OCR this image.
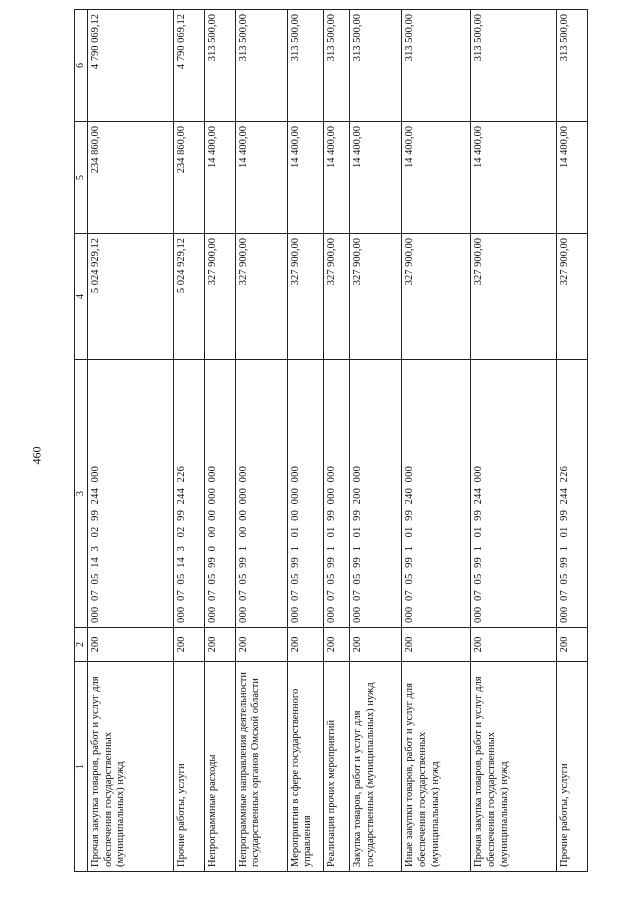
460
1	2	3	4	5	6
Прочая закупка товаров, работ и услуг для обеспечения государственных (муниципальных) нужд	200	000  07  05  14  3   02  99  244  000	5 024 929,12	234 860,00	4 790 069,12
Прочие работы, услуги	200	000  07  05  14  3   02  99  244  226	5 024 929,12	234 860,00	4 790 069,12
Непрограммные расходы	200	000  07  05  99  0   00  00  000  000	327 900,00	14 400,00	313 500,00
Непрограммные направления деятельности государственных органов Омской области	200	000  07  05  99  1   00  00  000  000	327 900,00	14 400,00	313 500,00
Мероприятия в сфере государственного управления	200	000  07  05  99  1   01  00  000  000	327 900,00	14 400,00	313 500,00
Реализация прочих мероприятий	200	000  07  05  99  1   01  99  000  000	327 900,00	14 400,00	313 500,00
Закупка товаров, работ и услуг для государственных (муниципальных) нужд	200	000  07  05  99  1   01  99  200  000	327 900,00	14 400,00	313 500,00
Иные закупки товаров, работ и услуг для обеспечения государственных (муниципальных) нужд	200	000  07  05  99  1   01  99  240  000	327 900,00	14 400,00	313 500,00
Прочая закупка товаров, работ и услуг для обеспечения государственных (муниципальных) нужд	200	000  07  05  99  1   01  99  244  000	327 900,00	14 400,00	313 500,00
Прочие работы, услуги	200	000  07  05  99  1   01  99  244  226	327 900,00	14 400,00	313 500,00
